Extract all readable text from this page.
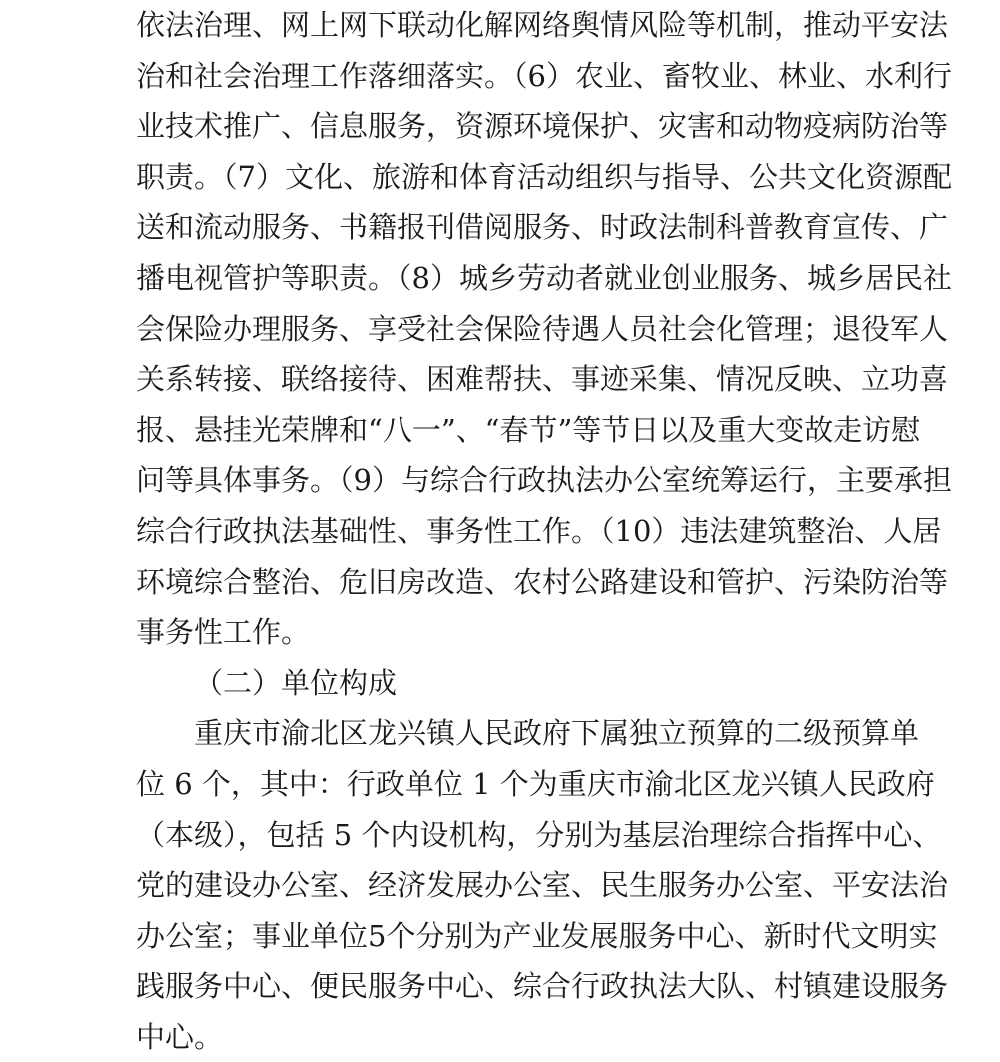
依法治理、网上网下联动化解网络舆情风险等机制，推动平安法
治和社会治理工作落细落实。（6）农业、畜牧业、林业、水利行
业技术推广、信息服务，资源环境保护、灾害和动物疫病防治等
职责。（7）文化、旅游和体育活动组织与指导、公共文化资源配
送和流动服务、书籍报刊借阅服务、时政法制科普教育宣传、广
播电视管护等职责。（8）城乡劳动者就业创业服务、城乡居民社
会保险办理服务、享受社会保险待遇人员社会化管理；退役军人
关系转接、联络接待、困难帮扶、事迹采集、情况反映、立功喜
报、悬挂光荣牌和“八一”、“春节”等节日以及重大变故走访慰
问等具体事务。（9）与综合行政执法办公室统筹运行，主要承担
综合行政执法基础性、事务性工作。（10）违法建筑整治、人居
环境综合整治、危旧房改造、农村公路建设和管护、污染防治等
事务性工作。
（二）单位构成
重庆市渝北区龙兴镇人民政府下属独立预算的二级预算单
位 6 个，其中：行政单位 1 个为重庆市渝北区龙兴镇人民政府
（本级），包括 5 个内设机构，分别为基层治理综合指挥中心、
党的建设办公室、经济发展办公室、民生服务办公室、平安法治
办公室；事业单位5个分别为产业发展服务中心、新时代文明实
践服务中心、便民服务中心、综合行政执法大队、村镇建设服务
中心。
